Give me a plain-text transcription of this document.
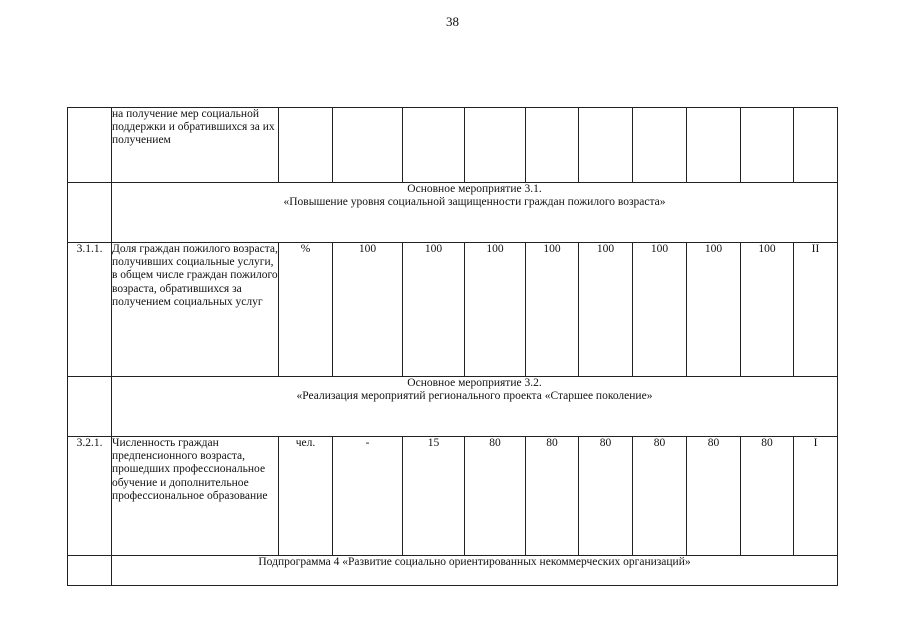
38
	на получение мер социальной поддержки и обратившихся за их получением										

	Основное мероприятие 3.1.
«Повышение уровня социальной защищенности граждан пожилого возраста»										

3.1.1.	Доля граждан пожилого возраста, получивших социальные услуги, в общем числе граждан пожилого возраста, обратившихся за получением социальных услуг	%	100	100	100	100	100	100	100	100	II

	Основное мероприятие 3.2.
«Реализация мероприятий регионального проекта «Старшее поколение»										

3.2.1.	Численность граждан предпенсионного возраста, прошедших профессиональное обучение и дополнительное профессиональное образование	чел.	-	15	80	80	80	80	80	80	I
	Подпрограмма 4 «Развитие социально ориентированных некоммерческих организаций»										
